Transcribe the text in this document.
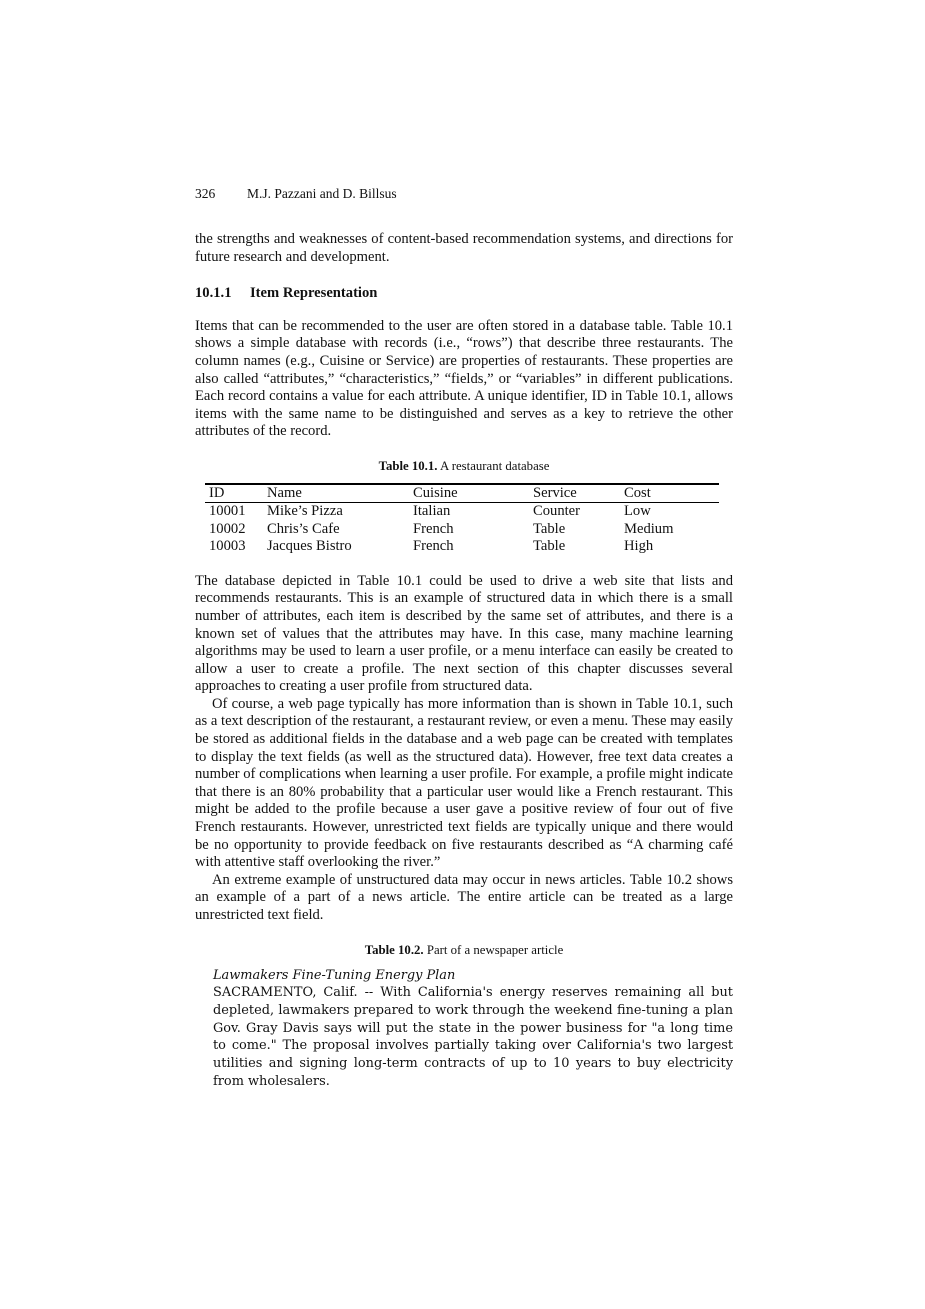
326 M.J. Pazzani and D. Billsus

the strengths and weaknesses of content-based recommendation systems, and directions for future research and development.

10.1.1 Item Representation

Items that can be recommended to the user are often stored in a database table. Table 10.1 shows a simple database with records (i.e., “rows”) that describe three restaurants. The column names (e.g., Cuisine or Service) are properties of restaurants. These properties are also called “attributes,” “characteristics,” “fields,” or “variables” in different publications. Each record contains a value for each attribute. A unique identifier, ID in Table 10.1, allows items with the same name to be distinguished and serves as a key to retrieve the other attributes of the record.

Table 10.1. A restaurant database
ID	Name	Cuisine	Service	Cost
10001	Mike’s Pizza	Italian	Counter	Low
10002	Chris’s Cafe	French	Table	Medium
10003	Jacques Bistro	French	Table	High

The database depicted in Table 10.1 could be used to drive a web site that lists and recommends restaurants. This is an example of structured data in which there is a small number of attributes, each item is described by the same set of attributes, and there is a known set of values that the attributes may have. In this case, many machine learning algorithms may be used to learn a user profile, or a menu interface can easily be created to allow a user to create a profile. The next section of this chapter discusses several approaches to creating a user profile from structured data.

Of course, a web page typically has more information than is shown in Table 10.1, such as a text description of the restaurant, a restaurant review, or even a menu. These may easily be stored as additional fields in the database and a web page can be created with templates to display the text fields (as well as the structured data). However, free text data creates a number of complications when learning a user profile. For example, a profile might indicate that there is an 80% probability that a particular user would like a French restaurant. This might be added to the profile because a user gave a positive review of four out of five French restaurants. However, unrestricted text fields are typically unique and there would be no opportunity to provide feedback on five restaurants described as “A charming café with attentive staff overlooking the river.”

An extreme example of unstructured data may occur in news articles. Table 10.2 shows an example of a part of a news article. The entire article can be treated as a large unrestricted text field.

Table 10.2. Part of a newspaper article
Lawmakers Fine-Tuning Energy Plan
SACRAMENTO, Calif. -- With California's energy reserves remaining all but depleted, lawmakers prepared to work through the weekend fine-tuning a plan Gov. Gray Davis says will put the state in the power business for "a long time to come." The proposal involves partially taking over California's two largest utilities and signing long-term contracts of up to 10 years to buy electricity from wholesalers.
